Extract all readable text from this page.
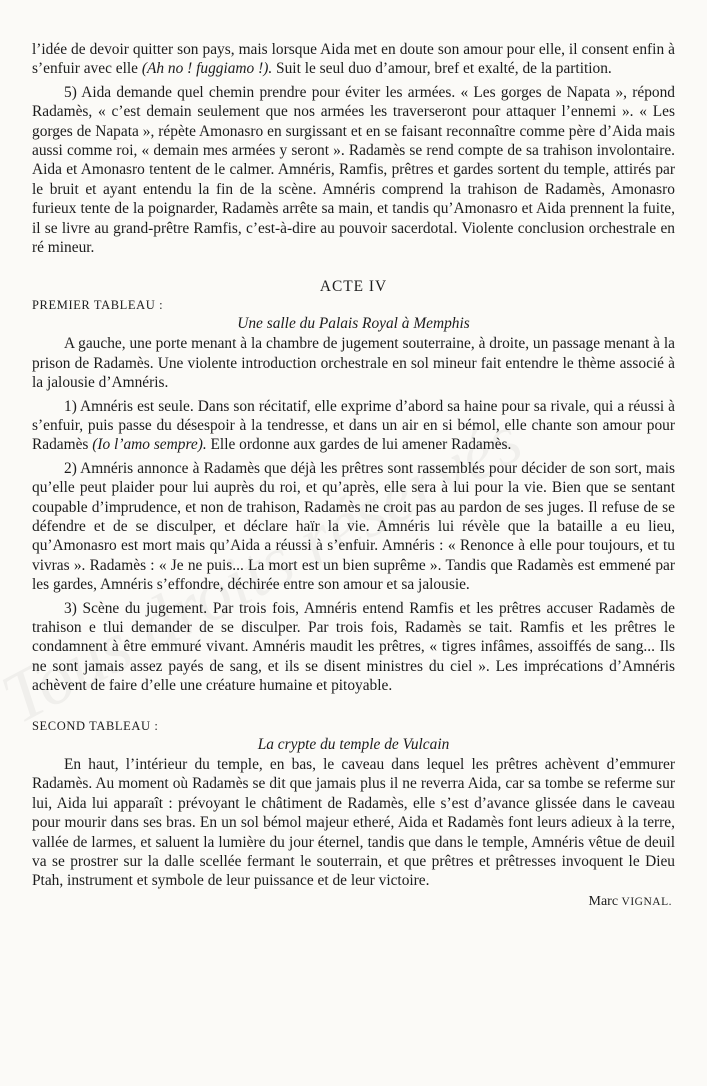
l’idée de devoir quitter son pays, mais lorsque Aida met en doute son amour pour elle, il consent enfin à s’enfuir avec elle (Ah no ! fuggiamo !). Suit le seul duo d’amour, bref et exalté, de la partition.

5) Aida demande quel chemin prendre pour éviter les armées. « Les gorges de Napata », répond Radamès, « c’est demain seulement que nos armées les traverseront pour attaquer l’ennemi ». « Les gorges de Napata », répète Amonasro en surgissant et en se faisant reconnaître comme père d’Aida mais aussi comme roi, « demain mes armées y seront ». Radamès se rend compte de sa trahison involontaire. Aida et Amonasro tentent de le calmer. Amnéris, Ramfis, prêtres et gardes sortent du temple, attirés par le bruit et ayant entendu la fin de la scène. Amnéris comprend la trahison de Radamès, Amonasro furieux tente de la poignarder, Radamès arrête sa main, et tandis qu’Amonasro et Aida prennent la fuite, il se livre au grand-prêtre Ramfis, c’est-à-dire au pouvoir sacerdotal. Violente conclusion orchestrale en ré mineur.

ACTE IV
PREMIER TABLEAU :
Une salle du Palais Royal à Memphis

A gauche, une porte menant à la chambre de jugement souterraine, à droite, un passage menant à la prison de Radamès. Une violente introduction orchestrale en sol mineur fait entendre le thème associé à la jalousie d’Amnéris.

1) Amnéris est seule. Dans son récitatif, elle exprime d’abord sa haine pour sa rivale, qui a réussi à s’enfuir, puis passe du désespoir à la tendresse, et dans un air en si bémol, elle chante son amour pour Radamès (Io l’amo sempre). Elle ordonne aux gardes de lui amener Radamès.

2) Amnéris annonce à Radamès que déjà les prêtres sont rassemblés pour décider de son sort, mais qu’elle peut plaider pour lui auprès du roi, et qu’après, elle sera à lui pour la vie. Bien que se sentant coupable d’imprudence, et non de trahison, Radamès ne croit pas au pardon de ses juges. Il refuse de se défendre et de se disculper, et déclare haïr la vie. Amnéris lui révèle que la bataille a eu lieu, qu’Amonasro est mort mais qu’Aida a réussi à s’enfuir. Amnéris : « Renonce à elle pour toujours, et tu vivras ». Radamès : « Je ne puis... La mort est un bien suprême ». Tandis que Radamès est emmené par les gardes, Amnéris s’effondre, déchirée entre son amour et sa jalousie.

3) Scène du jugement. Par trois fois, Amnéris entend Ramfis et les prêtres accuser Radamès de trahison e tlui demander de se disculper. Par trois fois, Radamès se tait. Ramfis et les prêtres le condamnent à être emmuré vivant. Amnéris maudit les prêtres, « tigres infâmes, assoiffés de sang... Ils ne sont jamais assez payés de sang, et ils se disent ministres du ciel ». Les imprécations d’Amnéris achèvent de faire d’elle une créature humaine et pitoyable.

SECOND TABLEAU :
La crypte du temple de Vulcain

En haut, l’intérieur du temple, en bas, le caveau dans lequel les prêtres achèvent d’emmurer Radamès. Au moment où Radamès se dit que jamais plus il ne reverra Aida, car sa tombe se referme sur lui, Aida lui apparaît : prévoyant le châtiment de Radamès, elle s’est d’avance glissée dans le caveau pour mourir dans ses bras. En un sol bémol majeur etheré, Aida et Radamès font leurs adieux à la terre, vallée de larmes, et saluent la lumière du jour éternel, tandis que dans le temple, Amnéris vêtue de deuil va se prostrer sur la dalle scellée fermant le souterrain, et que prêtres et prêtresses invoquent le Dieu Ptah, instrument et symbole de leur puissance et de leur victoire.

Marc VIGNAL.
